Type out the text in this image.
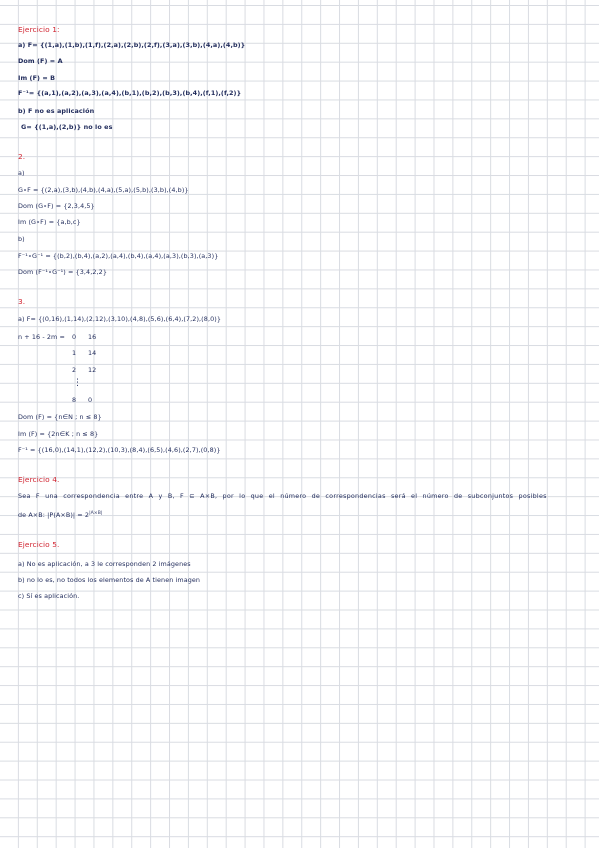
Ejercicio 1:
a) F= {(1,a),(1,b),(1,f),(2,a),(2,b),(2,f),(3,a),(3,b),(4,a),(4,b)}
Dom (F) = A
Im (F) = B
F⁻¹= {(a,1),(a,2),(a,3),(a,4),(b,1),(b,2),(b,3),(b,4),(f,1),(f,2)}
b) F no es aplicación
G= {(1,a),(2,b)} no lo es
2.
a)
G∘F = {(2,a),(3,b),(4,b),(4,a),(5,a),(5,b),(3,b),(4,b)}
Dom (G∘F) = {2,3,4,5}
Im (G∘F) = {a,b,c}
b)
F⁻¹∘G⁻¹ = {(b,2),(b,4),(a,2),(a,4),(b,4),(a,4),(a,3),(b,3),(a,3)}
Dom (F⁻¹∘G⁻¹) = {3,4,2,2}
3.
a) F= {(0,16),(1,14),(2,12),(3,10),(4,8),(5,6),(6,4),(7,2),(8,0)}
n + 16 - 2m = 0 16
1 14
2 12
⋮
8 0
Dom (F) = {n∈N ; n ≤ 8}
Im (F) = {2n∈K ; n ≤ 8}
F⁻¹ = {(16,0),(14,1),(12,2),(10,3),(8,4),(6,5),(4,6),(2,7),(0,8)}
Ejercicio 4.
Sea F una correspondencia entre A y B, F ⊆ A×B, por lo que el número de correspondencias será el número de subconjuntos posibles
de A×B: $|P(A\times B)| = 2^{|A\times B|}$
Ejercicio 5.
a) No es aplicación, a 3 le corresponden 2 imágenes
b) no lo es, no todos los elementos de A tienen imagen
c) Sí es aplicación.
